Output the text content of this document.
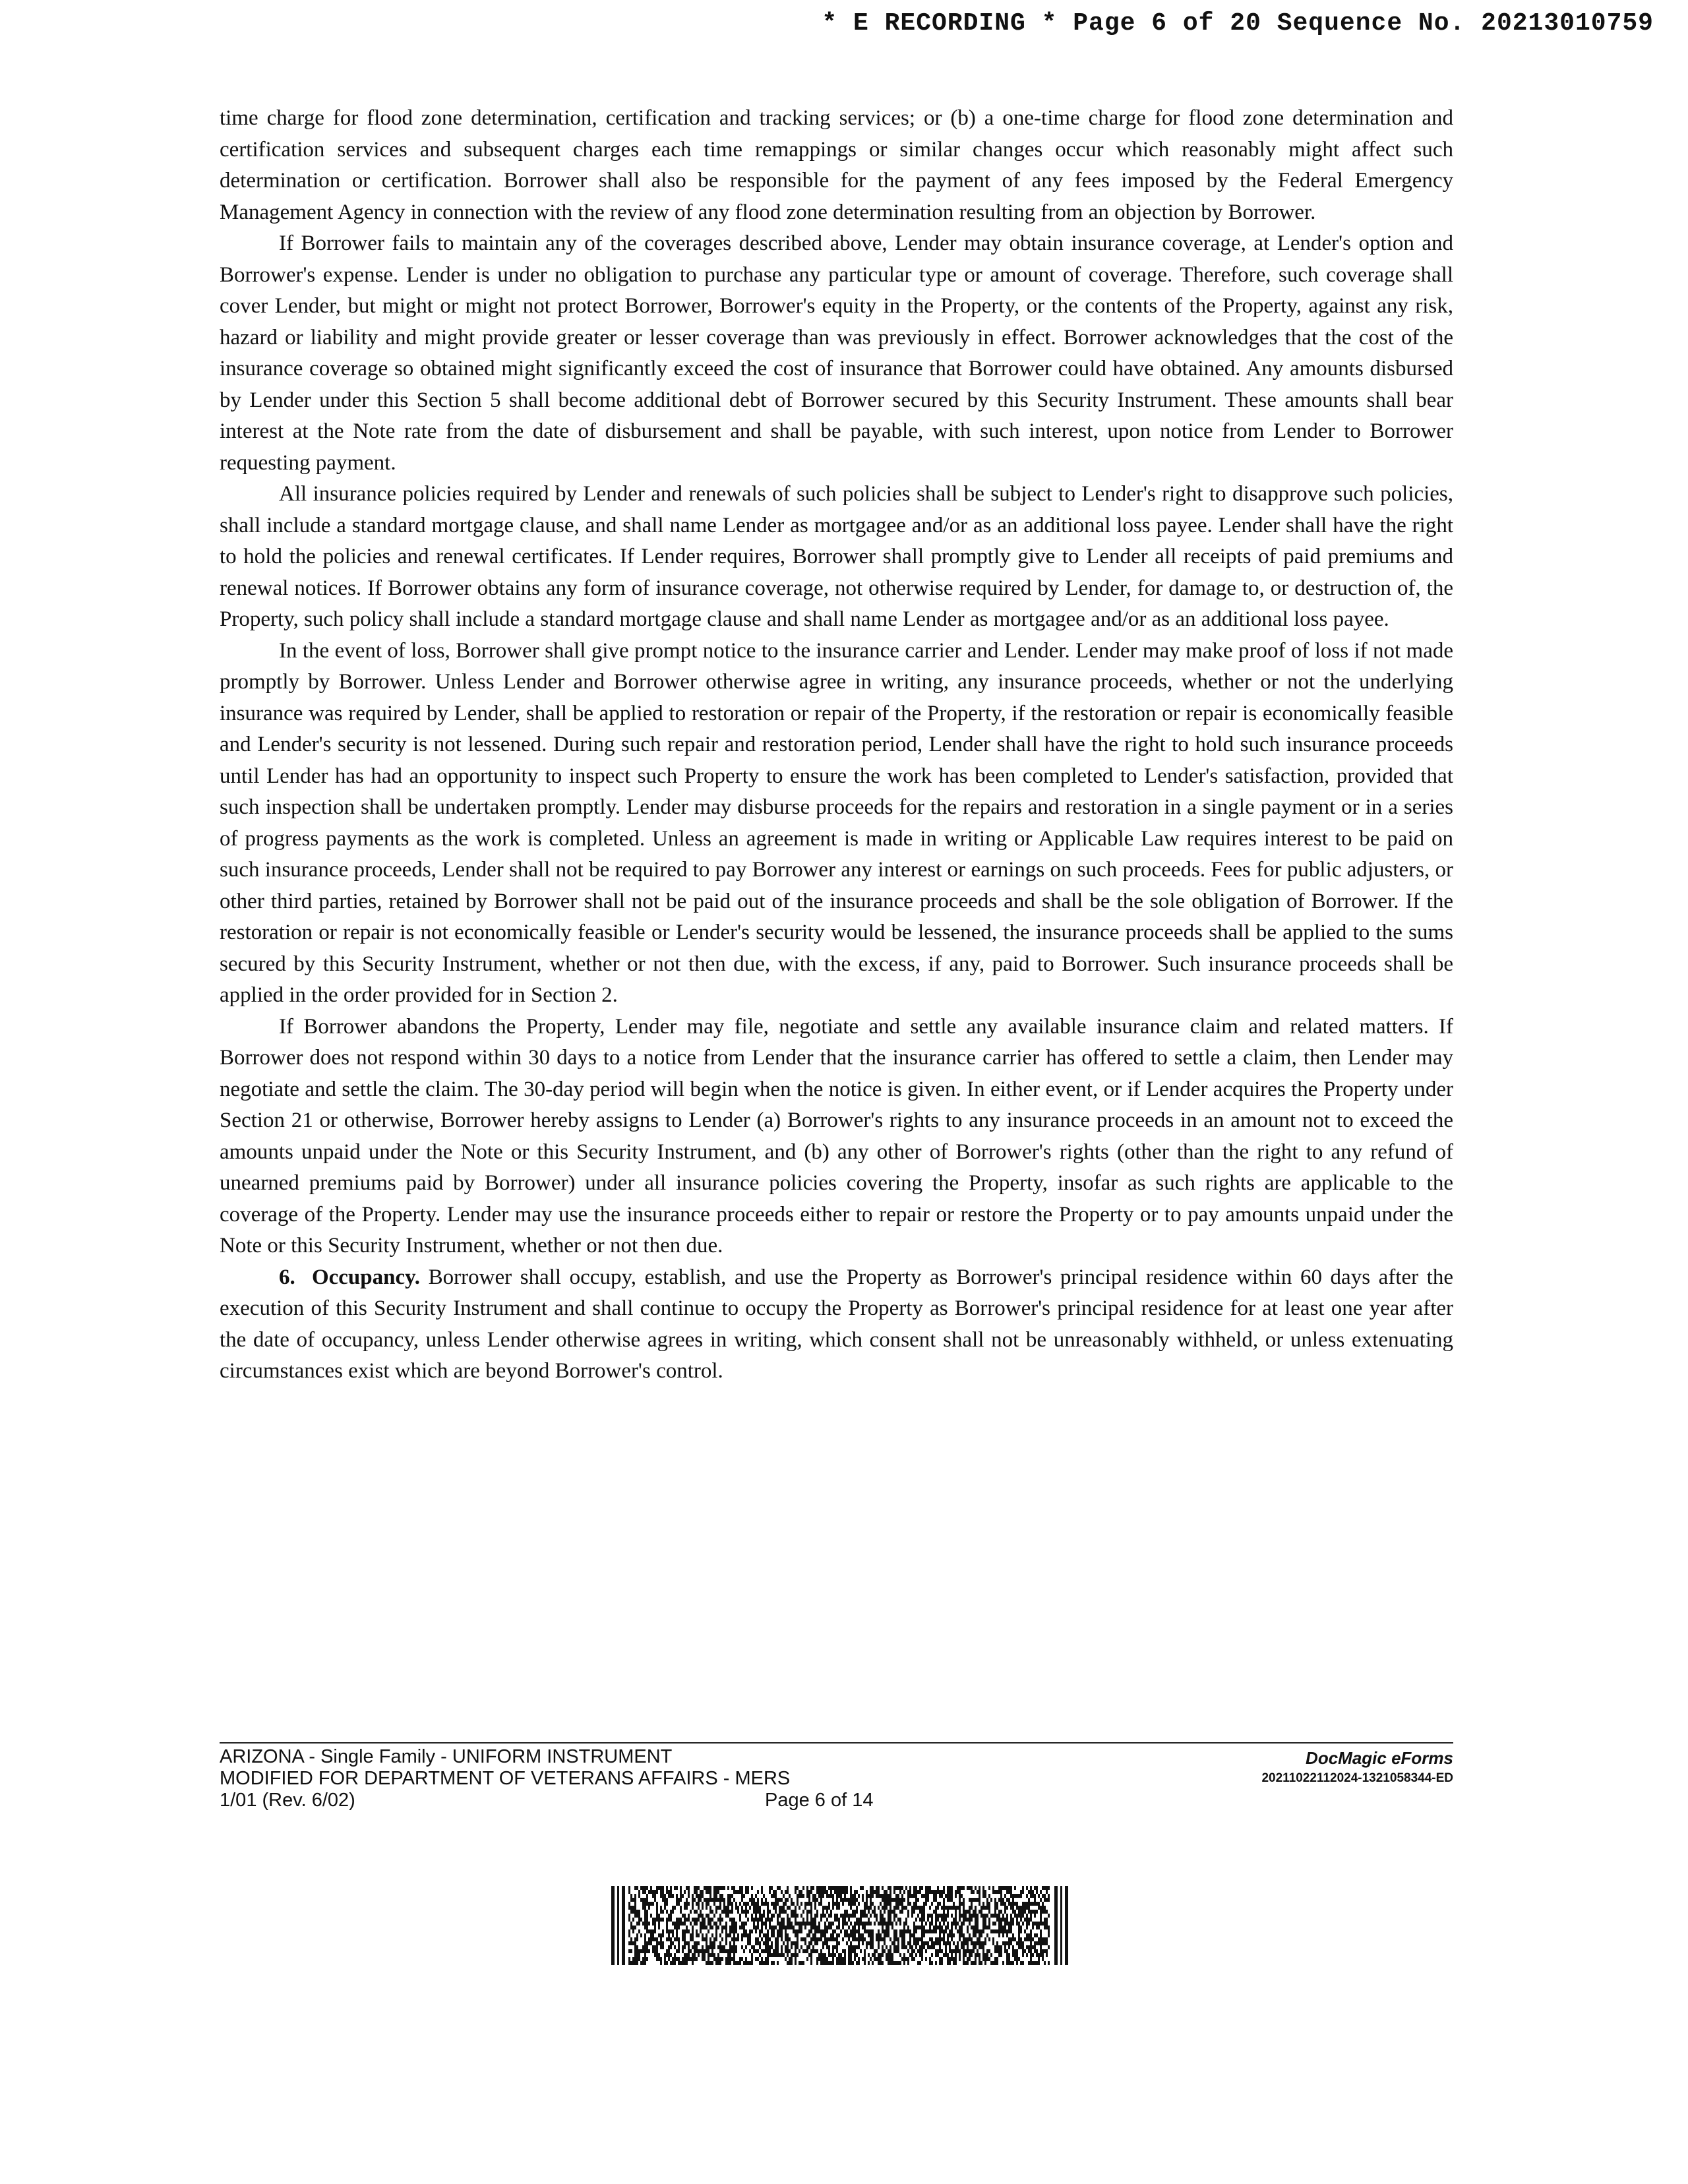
* E RECORDING * Page 6 of 20 Sequence No. 20213010759

time charge for flood zone determination, certification and tracking services; or (b) a one-time charge for flood zone determination and certification services and subsequent charges each time remappings or similar changes occur which reasonably might affect such determination or certification. Borrower shall also be responsible for the payment of any fees imposed by the Federal Emergency Management Agency in connection with the review of any flood zone determination resulting from an objection by Borrower.

If Borrower fails to maintain any of the coverages described above, Lender may obtain insurance coverage, at Lender's option and Borrower's expense. Lender is under no obligation to purchase any particular type or amount of coverage. Therefore, such coverage shall cover Lender, but might or might not protect Borrower, Borrower's equity in the Property, or the contents of the Property, against any risk, hazard or liability and might provide greater or lesser coverage than was previously in effect. Borrower acknowledges that the cost of the insurance coverage so obtained might significantly exceed the cost of insurance that Borrower could have obtained. Any amounts disbursed by Lender under this Section 5 shall become additional debt of Borrower secured by this Security Instrument. These amounts shall bear interest at the Note rate from the date of disbursement and shall be payable, with such interest, upon notice from Lender to Borrower requesting payment.

All insurance policies required by Lender and renewals of such policies shall be subject to Lender's right to disapprove such policies, shall include a standard mortgage clause, and shall name Lender as mortgagee and/or as an additional loss payee. Lender shall have the right to hold the policies and renewal certificates. If Lender requires, Borrower shall promptly give to Lender all receipts of paid premiums and renewal notices. If Borrower obtains any form of insurance coverage, not otherwise required by Lender, for damage to, or destruction of, the Property, such policy shall include a standard mortgage clause and shall name Lender as mortgagee and/or as an additional loss payee.

In the event of loss, Borrower shall give prompt notice to the insurance carrier and Lender. Lender may make proof of loss if not made promptly by Borrower. Unless Lender and Borrower otherwise agree in writing, any insurance proceeds, whether or not the underlying insurance was required by Lender, shall be applied to restoration or repair of the Property, if the restoration or repair is economically feasible and Lender's security is not lessened. During such repair and restoration period, Lender shall have the right to hold such insurance proceeds until Lender has had an opportunity to inspect such Property to ensure the work has been completed to Lender's satisfaction, provided that such inspection shall be undertaken promptly. Lender may disburse proceeds for the repairs and restoration in a single payment or in a series of progress payments as the work is completed. Unless an agreement is made in writing or Applicable Law requires interest to be paid on such insurance proceeds, Lender shall not be required to pay Borrower any interest or earnings on such proceeds. Fees for public adjusters, or other third parties, retained by Borrower shall not be paid out of the insurance proceeds and shall be the sole obligation of Borrower. If the restoration or repair is not economically feasible or Lender's security would be lessened, the insurance proceeds shall be applied to the sums secured by this Security Instrument, whether or not then due, with the excess, if any, paid to Borrower. Such insurance proceeds shall be applied in the order provided for in Section 2.

If Borrower abandons the Property, Lender may file, negotiate and settle any available insurance claim and related matters. If Borrower does not respond within 30 days to a notice from Lender that the insurance carrier has offered to settle a claim, then Lender may negotiate and settle the claim. The 30-day period will begin when the notice is given. In either event, or if Lender acquires the Property under Section 21 or otherwise, Borrower hereby assigns to Lender (a) Borrower's rights to any insurance proceeds in an amount not to exceed the amounts unpaid under the Note or this Security Instrument, and (b) any other of Borrower's rights (other than the right to any refund of unearned premiums paid by Borrower) under all insurance policies covering the Property, insofar as such rights are applicable to the coverage of the Property. Lender may use the insurance proceeds either to repair or restore the Property or to pay amounts unpaid under the Note or this Security Instrument, whether or not then due.

6. Occupancy. Borrower shall occupy, establish, and use the Property as Borrower's principal residence within 60 days after the execution of this Security Instrument and shall continue to occupy the Property as Borrower's principal residence for at least one year after the date of occupancy, unless Lender otherwise agrees in writing, which consent shall not be unreasonably withheld, or unless extenuating circumstances exist which are beyond Borrower's control.

ARIZONA - Single Family - UNIFORM INSTRUMENT
MODIFIED FOR DEPARTMENT OF VETERANS AFFAIRS - MERS
1/01 (Rev. 6/02)	Page 6 of 14
DocMagic eForms
20211022112024-1321058344-ED
